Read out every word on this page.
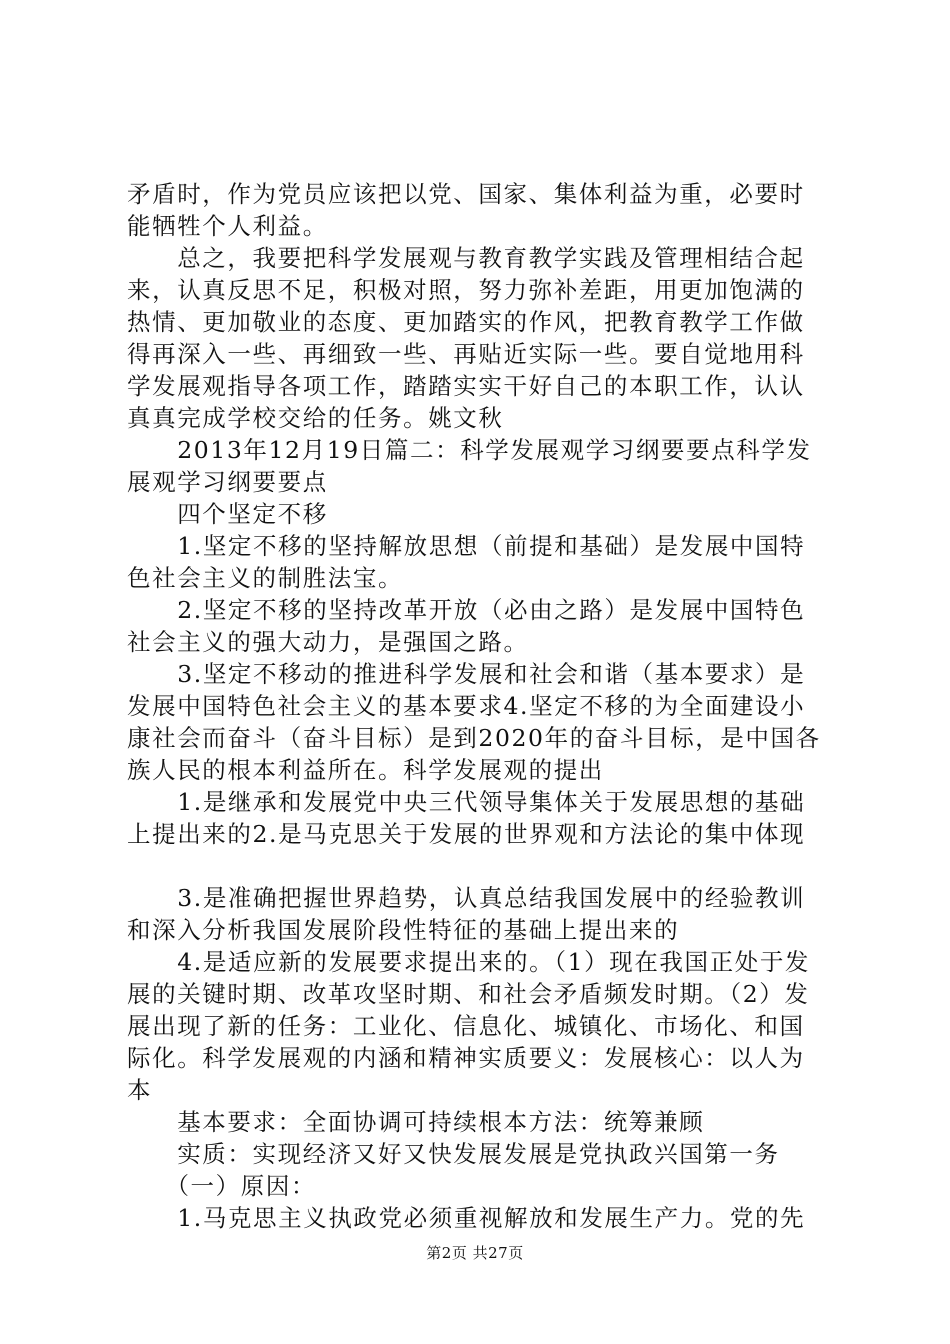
矛盾时，作为党员应该把以党、国家、集体利益为重，必要时
能牺牲个人利益。
　　总之，我要把科学发展观与教育教学实践及管理相结合起
来，认真反思不足，积极对照，努力弥补差距，用更加饱满的
热情、更加敬业的态度、更加踏实的作风，把教育教学工作做
得再深入一些、再细致一些、再贴近实际一些。要自觉地用科
学发展观指导各项工作，踏踏实实干好自己的本职工作，认认
真真完成学校交给的任务。姚文秋
　　2013年12月19日篇二：科学发展观学习纲要要点科学发
展观学习纲要要点
　　四个坚定不移
　　1.坚定不移的坚持解放思想（前提和基础）是发展中国特
色社会主义的制胜法宝。
　　2.坚定不移的坚持改革开放（必由之路）是发展中国特色
社会主义的强大动力，是强国之路。
　　3.坚定不移动的推进科学发展和社会和谐（基本要求）是
发展中国特色社会主义的基本要求4.坚定不移的为全面建设小
康社会而奋斗（奋斗目标）是到2020年的奋斗目标，是中国各
族人民的根本利益所在。科学发展观的提出
　　1.是继承和发展党中央三代领导集体关于发展思想的基础
上提出来的2.是马克思关于发展的世界观和方法论的集中体现
　　3.是准确把握世界趋势，认真总结我国发展中的经验教训
和深入分析我国发展阶段性特征的基础上提出来的
　　4.是适应新的发展要求提出来的。（1）现在我国正处于发
展的关键时期、改革攻坚时期、和社会矛盾频发时期。（2）发
展出现了新的任务：工业化、信息化、城镇化、市场化、和国
际化。科学发展观的内涵和精神实质要义：发展核心：以人为
本
　　基本要求：全面协调可持续根本方法：统筹兼顾
　　实质：实现经济又好又快发展发展是党执政兴国第一务
　　（一）原因：
　　1.马克思主义执政党必须重视解放和发展生产力。党的先
第2页 共27页
